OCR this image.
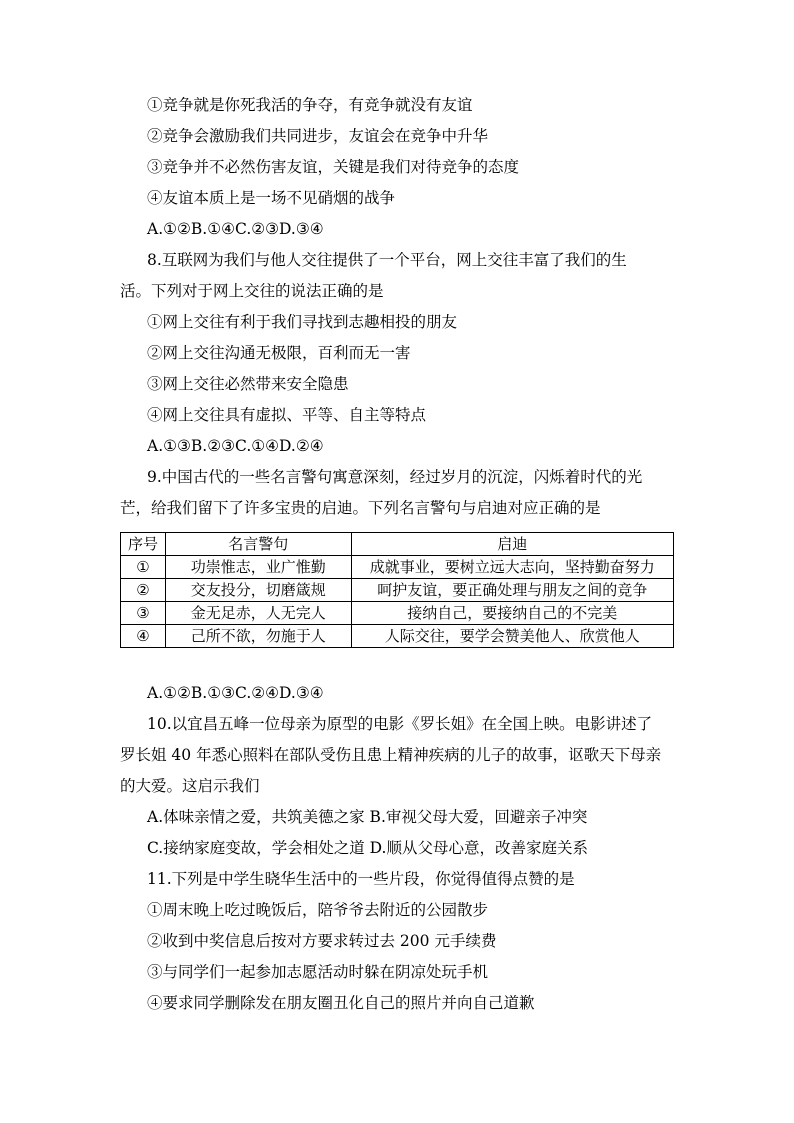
①竞争就是你死我活的争夺，有竞争就没有友谊
②竞争会激励我们共同进步，友谊会在竞争中升华
③竞争并不必然伤害友谊，关键是我们对待竞争的态度
④友谊本质上是一场不见硝烟的战争
A.①②B.①④C.②③D.③④
8.互联网为我们与他人交往提供了一个平台，网上交往丰富了我们的生
活。下列对于网上交往的说法正确的是
①网上交往有利于我们寻找到志趣相投的朋友
②网上交往沟通无极限，百利而无一害
③网上交往必然带来安全隐患
④网上交往具有虚拟、平等、自主等特点
A.①③B.②③C.①④D.②④
9.中国古代的一些名言警句寓意深刻，经过岁月的沉淀，闪烁着时代的光
芒，给我们留下了许多宝贵的启迪。下列名言警句与启迪对应正确的是
序号	名言警句	启迪
①	功崇惟志，业广惟勤	成就事业，要树立远大志向，坚持勤奋努力
②	交友投分，切磨箴规	呵护友谊，要正确处理与朋友之间的竞争
③	金无足赤，人无完人	接纳自己，要接纳自己的不完美
④	己所不欲，勿施于人	人际交往，要学会赞美他人、欣赏他人
A.①②B.①③C.②④D.③④
10.以宜昌五峰一位母亲为原型的电影《罗长姐》在全国上映。电影讲述了
罗长姐 40 年悉心照料在部队受伤且患上精神疾病的儿子的故事，讴歌天下母亲
的大爱。这启示我们
A.体味亲情之爱，共筑美德之家 B.审视父母大爱，回避亲子冲突
C.接纳家庭变故，学会相处之道 D.顺从父母心意，改善家庭关系
11.下列是中学生晓华生活中的一些片段，你觉得值得点赞的是
①周末晚上吃过晚饭后，陪爷爷去附近的公园散步
②收到中奖信息后按对方要求转过去 200 元手续费
③与同学们一起参加志愿活动时躲在阴凉处玩手机
④要求同学删除发在朋友圈丑化自己的照片并向自己道歉
